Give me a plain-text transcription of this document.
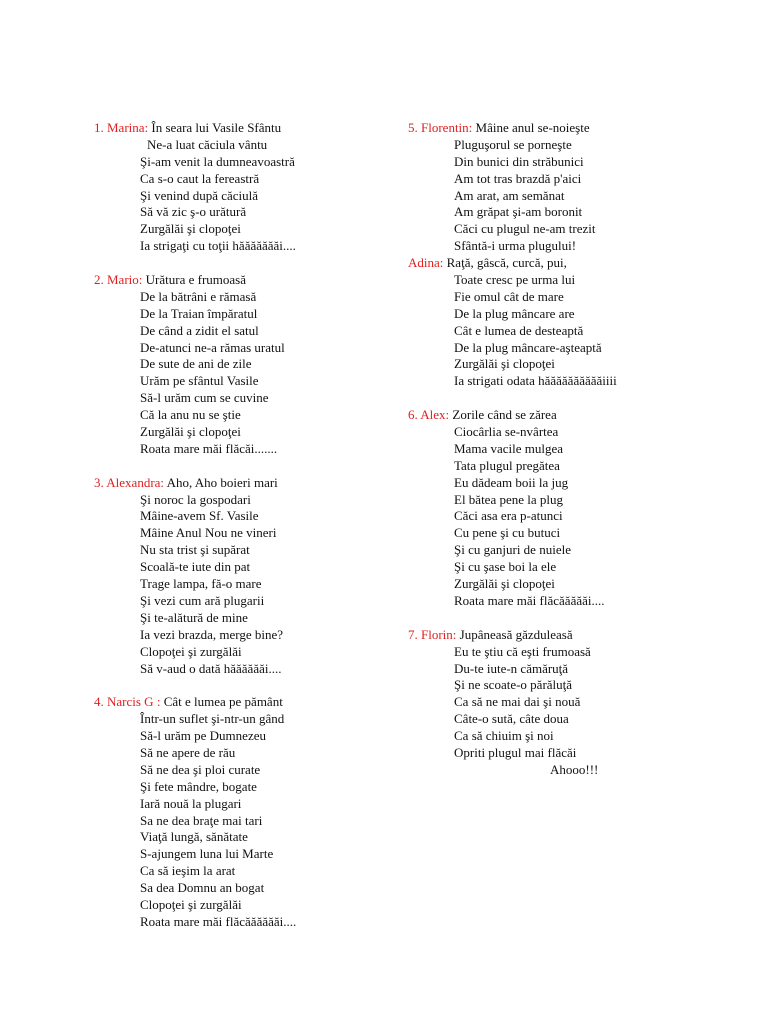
1. Marina: În seara lui Vasile Sfântu
Ne-a luat căciula vântu
Şi-am venit la dumneavoastră
Ca s-o caut la fereastră
Şi venind după căciulă
Să vă zic ş-o urătură
Zurgălăi şi clopoţei
Ia strigaţi cu toţii hăăăăăăăi....
2. Mario: Urătura e frumoasă
De la bătrâni e rămasă
De la Traian împăratul
De când a zidit el satul
De-atunci ne-a rămas uratul
De sute de ani de zile
Urăm pe sfântul Vasile
Să-l urăm cum se cuvine
Că la anu nu se ştie
Zurgălăi şi clopoţei
Roata mare măi flăcăi.......
3. Alexandra: Aho, Aho boieri mari
Şi noroc la gospodari
Mâine-avem Sf. Vasile
Mâine Anul Nou ne vineri
Nu sta trist şi supărat
Scoală-te iute din pat
Trage lampa, fă-o mare
Şi vezi cum ară plugarii
Şi te-alătură de mine
Ia vezi brazda, merge bine?
Clopoţei şi zurgălăi
Să v-aud o dată hăăăăăăi....
4. Narcis G : Cât e lumea pe pământ
Într-un suflet şi-ntr-un gând
Să-l urăm pe Dumnezeu
Să ne apere de rău
Să ne dea şi ploi curate
Şi fete mândre, bogate
Iară nouă la plugari
Sa ne dea braţe mai tari
Viaţă lungă, sănătate
S-ajungem luna lui Marte
Ca să ieşim la arat
Sa dea Domnu an bogat
Clopoţei şi zurgălăi
Roata mare măi flăcăăăăăăi....
5. Florentin: Mâine anul se-noieşte
Pluguşorul se porneşte
Din bunici din străbunici
Am tot tras brazdă p'aici
Am arat, am semănat
Am grăpat şi-am boronit
Căci cu plugul ne-am trezit
Sfântă-i urma plugului!
Adina: Raţă, gâscă, curcă, pui,
Toate cresc pe urma lui
Fie omul cât de mare
De la plug mâncare are
Cât e lumea de desteaptă
De la plug mâncare-aşteaptă
Zurgălăi şi clopoţei
Ia strigati odata hăăăăăăăăăăiiii
6. Alex: Zorile când se zărea
Ciocârlia se-nvârtea
Mama vacile mulgea
Tata plugul pregătea
Eu dădeam boii la jug
El bătea pene la plug
Căci asa era p-atunci
Cu pene şi cu butuci
Şi cu ganjuri de nuiele
Şi cu şase boi la ele
Zurgălăi şi clopoţei
Roata mare măi flăcăăăăăi....
7. Florin: Jupâneasă găzduleasă
Eu te ştiu că eşti frumoasă
Du-te iute-n cămăruţă
Şi ne scoate-o părăluţă
Ca să ne mai dai şi nouă
Câte-o sută, câte doua
Ca să chiuim şi noi
Opriti plugul mai flăcăi
Ahooo!!!
